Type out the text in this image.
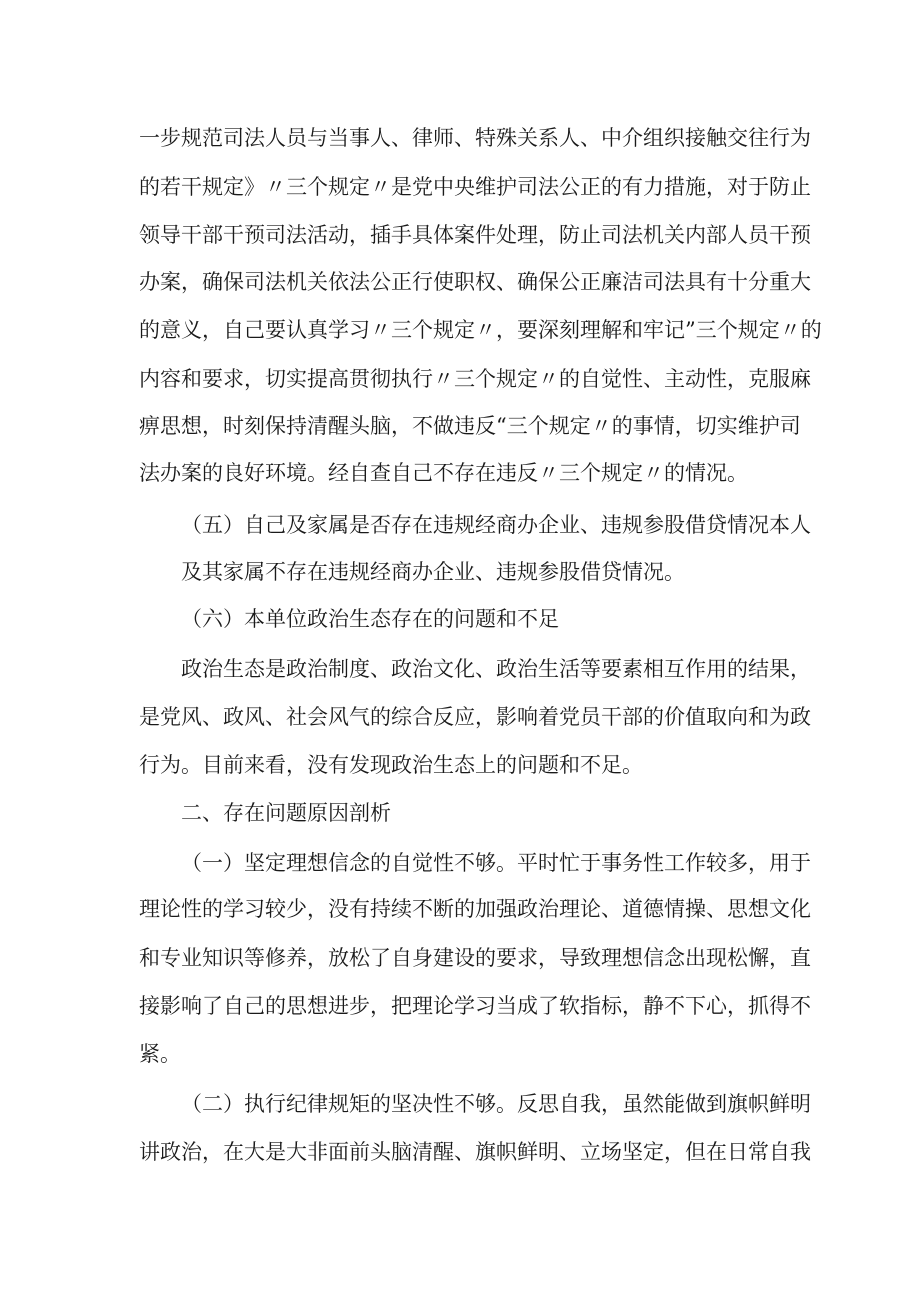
一步规范司法人员与当事人、律师、特殊关系人、中介组织接触交往行为
的若干规定》〃三个规定〃是党中央维护司法公正的有力措施，对于防止
领导干部干预司法活动，插手具体案件处理，防止司法机关内部人员干预
办案，确保司法机关依法公正行使职权、确保公正廉洁司法具有十分重大
的意义，自己要认真学习〃三个规定〃，要深刻理解和牢记”三个规定〃的
内容和要求，切实提高贯彻执行〃三个规定〃的自觉性、主动性，克服麻
痹思想，时刻保持清醒头脑，不做违反“三个规定〃的事情，切实维护司
法办案的良好环境。经自查自己不存在违反〃三个规定〃的情况。
（五）自己及家属是否存在违规经商办企业、违规参股借贷情况本人
及其家属不存在违规经商办企业、违规参股借贷情况。
（六）本单位政治生态存在的问题和不足
政治生态是政治制度、政治文化、政治生活等要素相互作用的结果，
是党风、政风、社会风气的综合反应，影响着党员干部的价值取向和为政
行为。目前来看，没有发现政治生态上的问题和不足。
二、存在问题原因剖析
（一）坚定理想信念的自觉性不够。平时忙于事务性工作较多，用于
理论性的学习较少，没有持续不断的加强政治理论、道德情操、思想文化
和专业知识等修养，放松了自身建设的要求，导致理想信念出现松懈，直
接影响了自己的思想进步，把理论学习当成了软指标，静不下心，抓得不
紧。
（二）执行纪律规矩的坚决性不够。反思自我，虽然能做到旗帜鲜明
讲政治，在大是大非面前头脑清醒、旗帜鲜明、立场坚定，但在日常自我
